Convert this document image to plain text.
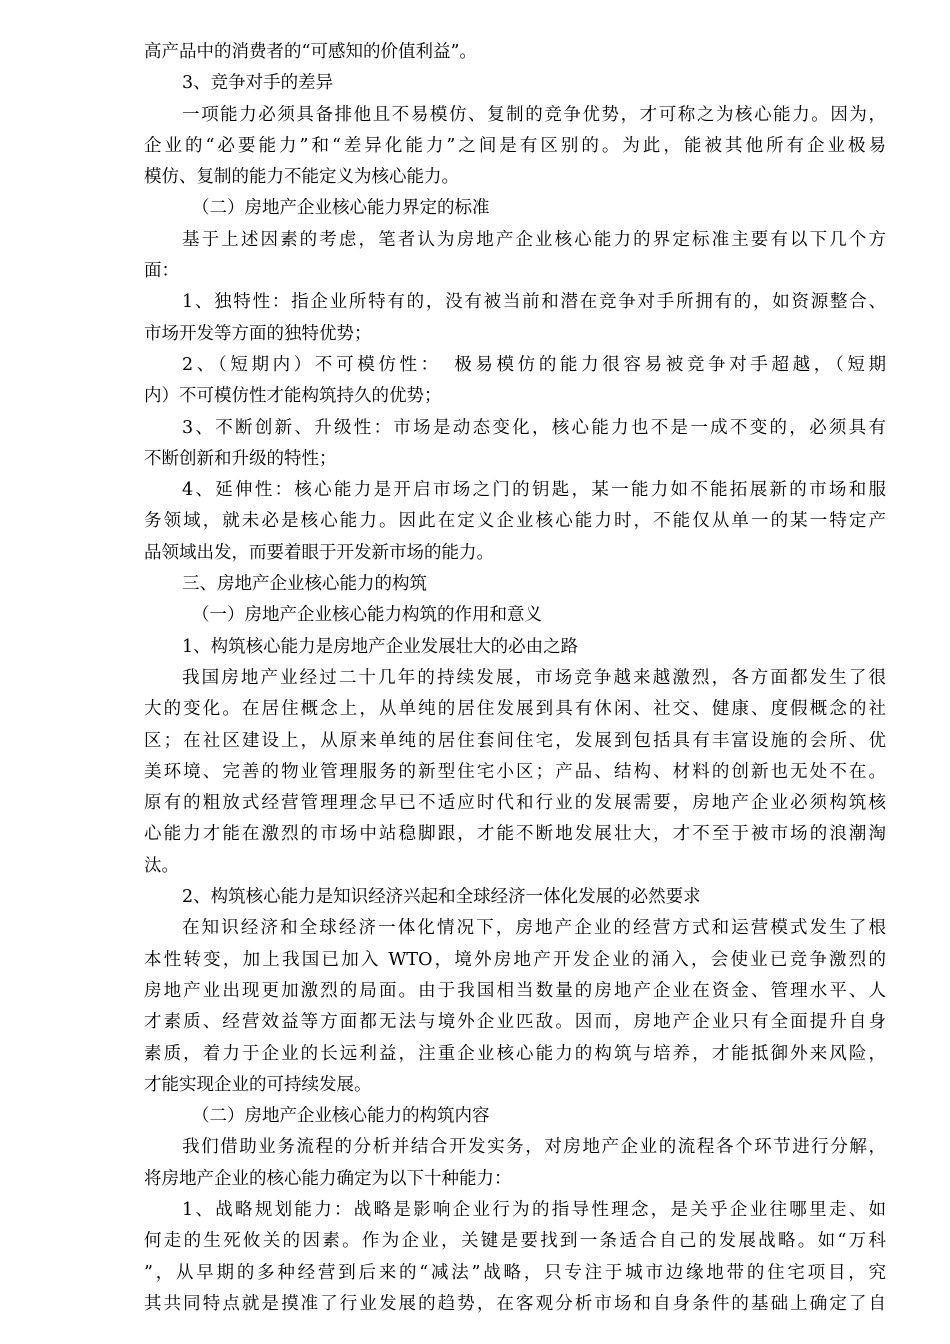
高产品中的消费者的“可感知的价值利益”。
3、竞争对手的差异
一项能力必须具备排他且不易模仿、复制的竞争优势，才可称之为核心能力。因为，
企业的“必要能力”和“差异化能力”之间是有区别的。为此，能被其他所有企业极易
模仿、复制的能力不能定义为核心能力。
（二）房地产企业核心能力界定的标准
基于上述因素的考虑，笔者认为房地产企业核心能力的界定标准主要有以下几个方
面：
1、独特性：指企业所特有的，没有被当前和潜在竞争对手所拥有的，如资源整合、
市场开发等方面的独特优势；
2、（短期内）不可模仿性：　极易模仿的能力很容易被竞争对手超越，（短期
内）不可模仿性才能构筑持久的优势；
3、不断创新、升级性：市场是动态变化，核心能力也不是一成不变的，必须具有
不断创新和升级的特性；
4、延伸性：核心能力是开启市场之门的钥匙，某一能力如不能拓展新的市场和服
务领域，就未必是核心能力。因此在定义企业核心能力时，不能仅从单一的某一特定产
品领域出发，而要着眼于开发新市场的能力。
三、房地产企业核心能力的构筑
（一）房地产企业核心能力构筑的作用和意义
1、构筑核心能力是房地产企业发展壮大的必由之路
我国房地产业经过二十几年的持续发展，市场竞争越来越激烈，各方面都发生了很
大的变化。在居住概念上，从单纯的居住发展到具有休闲、社交、健康、度假概念的社
区；在社区建设上，从原来单纯的居住套间住宅，发展到包括具有丰富设施的会所、优
美环境、完善的物业管理服务的新型住宅小区；产品、结构、材料的创新也无处不在。
原有的粗放式经营管理理念早已不适应时代和行业的发展需要，房地产企业必须构筑核
心能力才能在激烈的市场中站稳脚跟，才能不断地发展壮大，才不至于被市场的浪潮淘
汰。
2、构筑核心能力是知识经济兴起和全球经济一体化发展的必然要求
在知识经济和全球经济一体化情况下，房地产企业的经营方式和运营模式发生了根
本性转变，加上我国已加入 WTO，境外房地产开发企业的涌入，会使业已竞争激烈的
房地产业出现更加激烈的局面。由于我国相当数量的房地产企业在资金、管理水平、人
才素质、经营效益等方面都无法与境外企业匹敌。因而，房地产企业只有全面提升自身
素质，着力于企业的长远利益，注重企业核心能力的构筑与培养，才能抵御外来风险，
才能实现企业的可持续发展。
（二）房地产企业核心能力的构筑内容
我们借助业务流程的分析并结合开发实务，对房地产企业的流程各个环节进行分解，
将房地产企业的核心能力确定为以下十种能力：
1、战略规划能力：战略是影响企业行为的指导性理念，是关乎企业往哪里走、如
何走的生死攸关的因素。作为企业，关键是要找到一条适合自己的发展战略。如“万科
”，从早期的多种经营到后来的“减法”战略，只专注于城市边缘地带的住宅项目，究
其共同特点就是摸准了行业发展的趋势，在客观分析市场和自身条件的基础上确定了自
